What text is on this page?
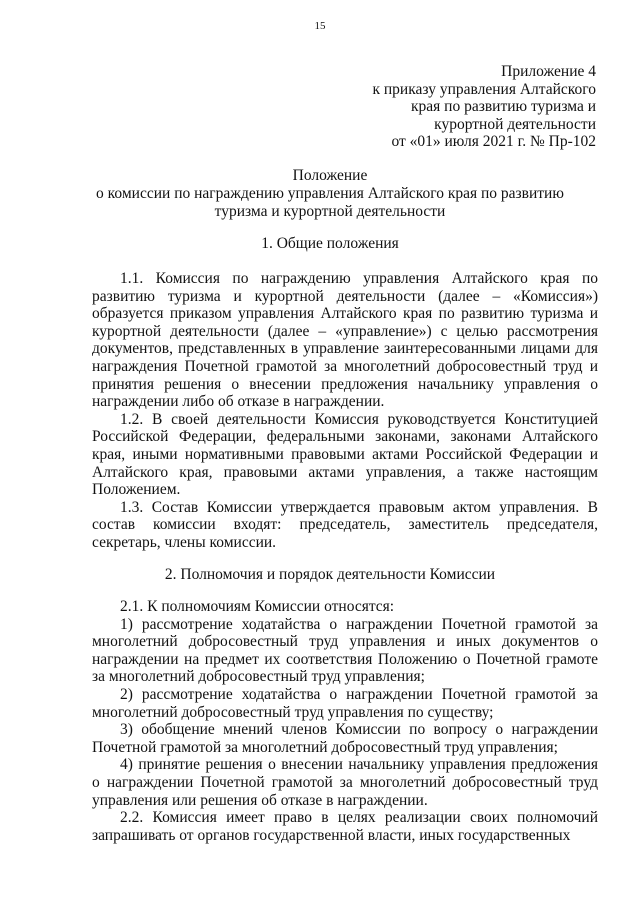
15
Приложение 4
к приказу управления Алтайского
края по развитию туризма и
курортной деятельности
от «01» июля 2021 г. № Пр-102
Положение
о комиссии по награждению управления Алтайского края по развитию
туризма и курортной деятельности
1. Общие положения

1.1. Комиссия по награждению управления Алтайского края по развитию туризма и курортной деятельности (далее – «Комиссия») образуется приказом управления Алтайского края по развитию туризма и курортной деятельности (далее – «управление») с целью рассмотрения документов, представленных в управление заинтересованными лицами для награждения Почетной грамотой за многолетний добросовестный труд и принятия решения о внесении предложения начальнику управления о награждении либо об отказе в награждении.

1.2. В своей деятельности Комиссия руководствуется Конституцией Российской Федерации, федеральными законами, законами Алтайского края, иными нормативными правовыми актами Российской Федерации и Алтайского края, правовыми актами управления, а также настоящим Положением.

1.3. Состав Комиссии утверждается правовым актом управления. В состав комиссии входят: председатель, заместитель председателя, секретарь, члены комиссии.

2. Полномочия и порядок деятельности Комиссии

2.1. К полномочиям Комиссии относятся:

1) рассмотрение ходатайства о награждении Почетной грамотой за многолетний добросовестный труд управления и иных документов о награждении на предмет их соответствия Положению о Почетной грамоте за многолетний добросовестный труд управления;

2) рассмотрение ходатайства о награждении Почетной грамотой за многолетний добросовестный труд управления по существу;

3) обобщение мнений членов Комиссии по вопросу о награждении Почетной грамотой за многолетний добросовестный труд управления;

4) принятие решения о внесении начальнику управления предложения о награждении Почетной грамотой за многолетний добросовестный труд управления или решения об отказе в награждении.

2.2. Комиссия имеет право в целях реализации своих полномочий запрашивать от органов государственной власти, иных государственных
